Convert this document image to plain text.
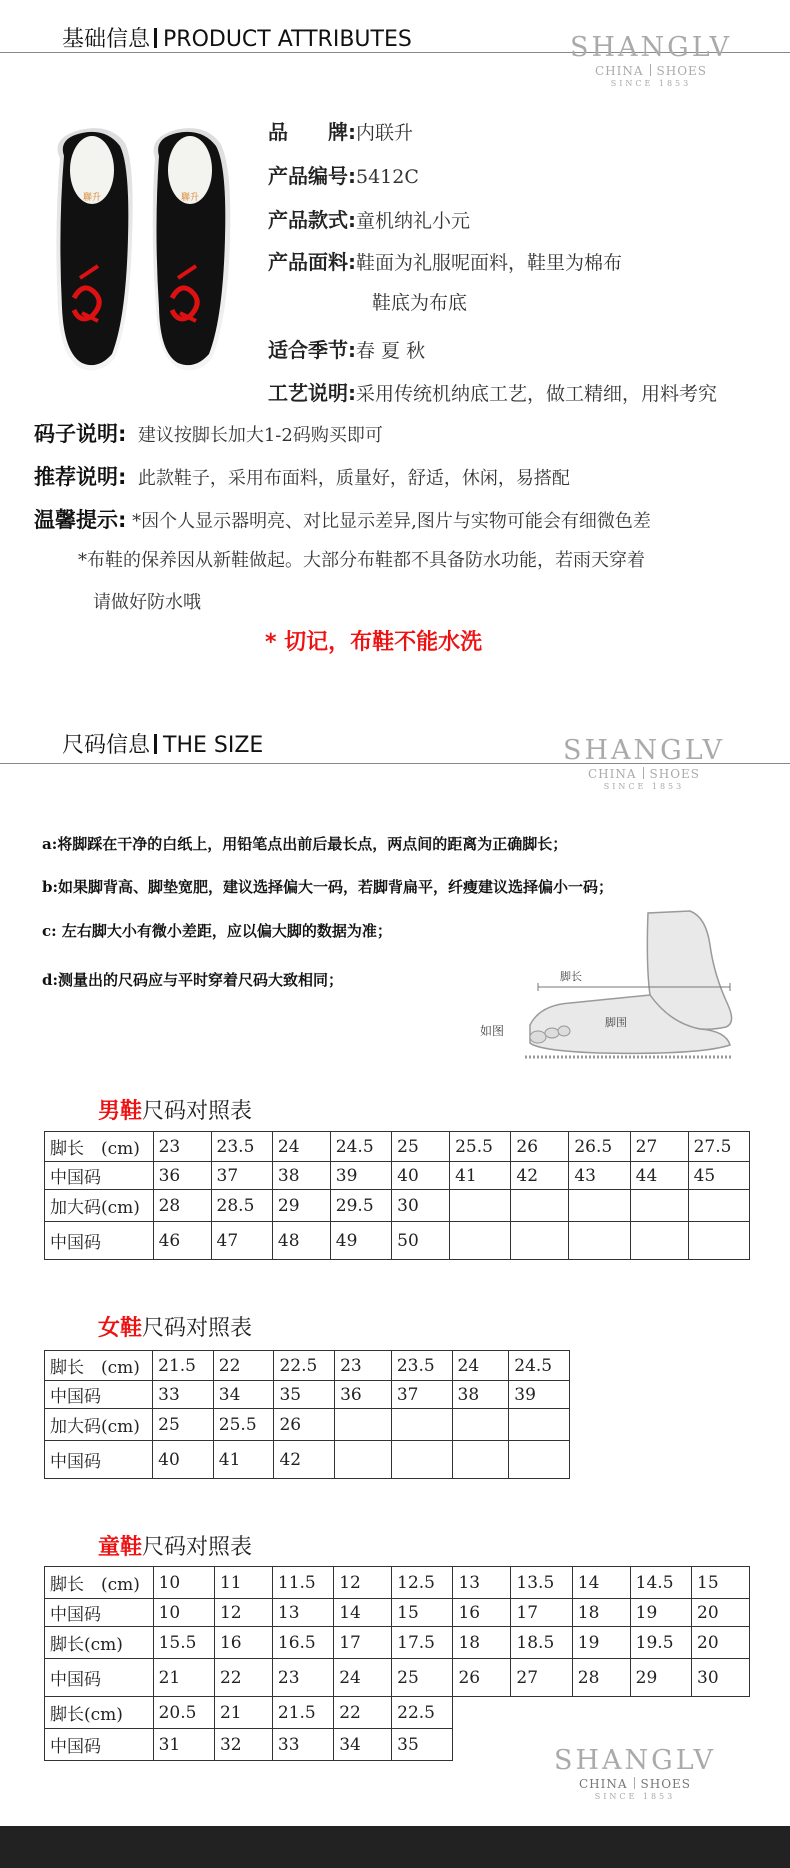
基础信息 PRODUCT ATTRIBUTES	SHANGLV
CHINA SHOES
SINCE 1853
聯升	聯升
品　　牌:内联升
产品编号:5412C
产品款式:童机纳礼小元
产品面料:鞋面为礼服呢面料，鞋里为棉布
鞋底为布底
适合季节:春 夏 秋
工艺说明:采用传统机纳底工艺，做工精细，用料考究
码子说明: 建议按脚长加大1-2码购买即可
推荐说明: 此款鞋子，采用布面料，质量好，舒适，休闲，易搭配
温馨提示: *因个人显示器明亮、对比显示差异,图片与实物可能会有细微色差
*布鞋的保养因从新鞋做起。大部分布鞋都不具备防水功能，若雨天穿着
请做好防水哦
* 切记，布鞋不能水洗
尺码信息 THE SIZE	SHANGLV
CHINA SHOES
SINCE 1853
a:将脚踩在干净的白纸上，用铅笔点出前后最长点，两点间的距离为正确脚长；
b:如果脚背高、脚垫宽肥，建议选择偏大一码，若脚背扁平，纤瘦建议选择偏小一码；
c: 左右脚大小有微小差距，应以偏大脚的数据为准；
d:测量出的尺码应与平时穿着尺码大致相同；	脚长
脚围
如图
男鞋尺码对照表
脚长　(cm)	23	23.5	24	24.5	25	25.5	26	26.5	27	27.5
中国码	36	37	38	39	40	41	42	43	44	45
加大码(cm)	28	28.5	29	29.5	30					
中国码	46	47	48	49	50					
女鞋尺码对照表
脚长　(cm)	21.5	22	22.5	23	23.5	24	24.5
中国码	33	34	35	36	37	38	39
加大码(cm)	25	25.5	26				
中国码	40	41	42				
童鞋尺码对照表
脚长　(cm)	10	11	11.5	12	12.5	13	13.5	14	14.5	15
中国码	10	12	13	14	15	16	17	18	19	20
脚长(cm)	15.5	16	16.5	17	17.5	18	18.5	19	19.5	20
中国码	21	22	23	24	25	26	27	28	29	30
脚长(cm)	20.5	21	21.5	22	22.5					
中国码	31	32	33	34	35					
SHANGLV
CHINA SHOES
SINCE 1853
